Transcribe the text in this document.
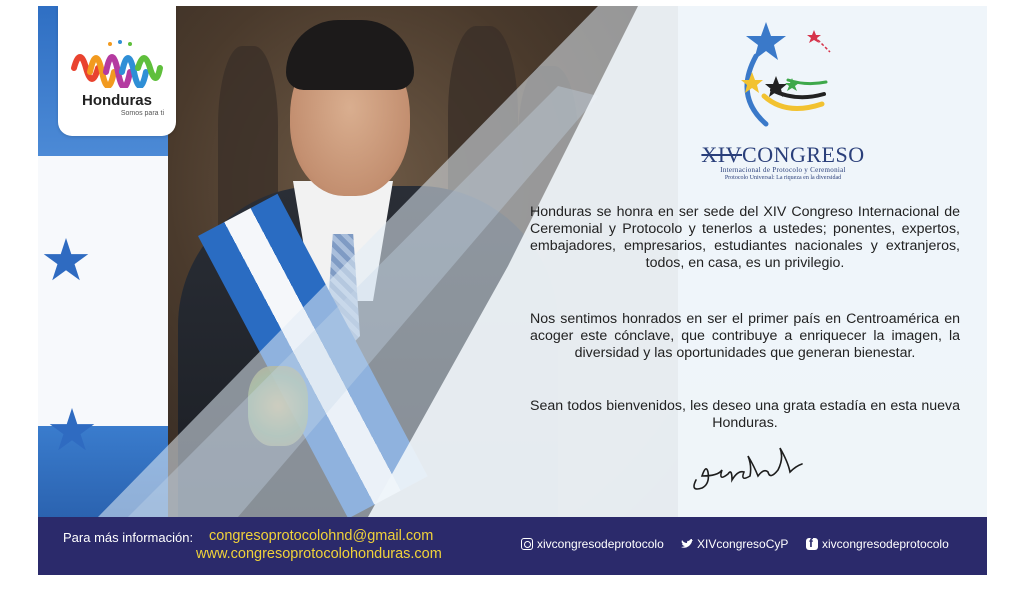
★
★
Honduras
Somos para ti
XIVCONGRESO
Internacional de Protocolo y Ceremonial
Protocolo Universal: La riqueza en la diversidad
Honduras se honra en ser sede del XIV Congreso Internacional de Ceremonial y Protocolo y tenerlos a ustedes; ponentes, expertos, embajadores, empresarios, estudiantes nacionales y extranjeros, todos, en casa, es un privilegio.
Nos sentimos honrados en ser el primer país en Centroamérica en acoger este cónclave, que contribuye a enriquecer la imagen, la diversidad y las oportunidades que generan bienestar.
Sean todos bienvenidos, les deseo una grata estadía en esta nueva Honduras.
Para más información: congresoprotocolohnd@gmail.com
www.congresoprotocolohonduras.com
xivcongresodeprotocolo	XIVcongresoCyP
f	xivcongresodeprotocolo
